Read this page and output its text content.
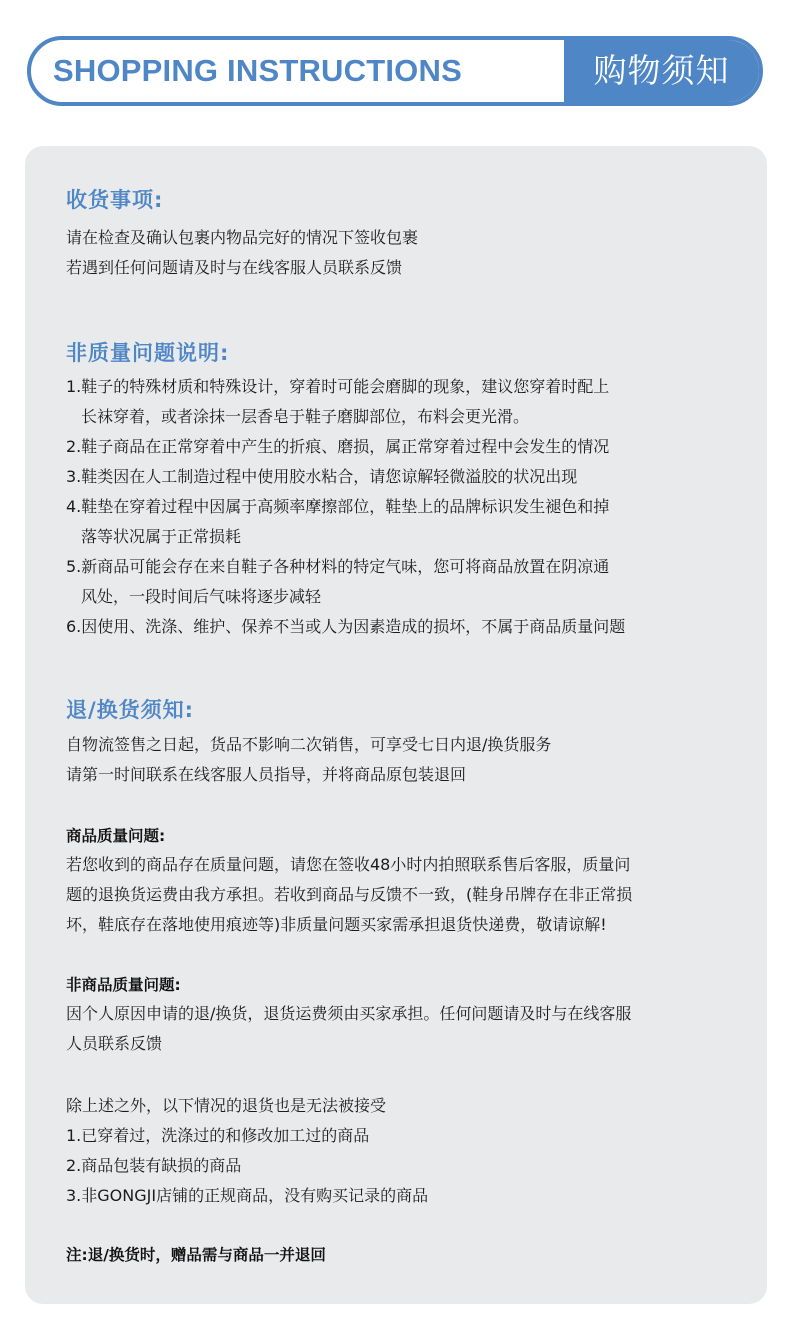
SHOPPING INSTRUCTIONS	购物须知
收货事项:
请在检查及确认包裹内物品完好的情况下签收包裹
若遇到任何问题请及时与在线客服人员联系反馈
非质量问题说明:
1.鞋子的特殊材质和特殊设计，穿着时可能会磨脚的现象，建议您穿着时配上
长袜穿着，或者涂抹一层香皂于鞋子磨脚部位，布料会更光滑。
2.鞋子商品在正常穿着中产生的折痕、磨损，属正常穿着过程中会发生的情况
3.鞋类因在人工制造过程中使用胶水粘合，请您谅解轻微溢胶的状况出现
4.鞋垫在穿着过程中因属于高频率摩擦部位，鞋垫上的品牌标识发生褪色和掉
落等状况属于正常损耗
5.新商品可能会存在来自鞋子各种材料的特定气味，您可将商品放置在阴凉通
风处，一段时间后气味将逐步减轻
6.因使用、洗涤、维护、保养不当或人为因素造成的损坏，不属于商品质量问题
退/换货须知:
自物流签售之日起，货品不影响二次销售，可享受七日内退/换货服务
请第一时间联系在线客服人员指导，并将商品原包装退回
商品质量问题:
若您收到的商品存在质量问题，请您在签收48小时内拍照联系售后客服，质量问
题的退换货运费由我方承担。若收到商品与反馈不一致，(鞋身吊牌存在非正常损
坏，鞋底存在落地使用痕迹等)非质量问题买家需承担退货快递费，敬请谅解!
非商品质量问题:
因个人原因申请的退/换货，退货运费须由买家承担。任何问题请及时与在线客服
人员联系反馈
除上述之外，以下情况的退货也是无法被接受
1.已穿着过，洗涤过的和修改加工过的商品
2.商品包装有缺损的商品
3.非GONGJI店铺的正规商品，没有购买记录的商品
注:退/换货时，赠品需与商品一并退回
